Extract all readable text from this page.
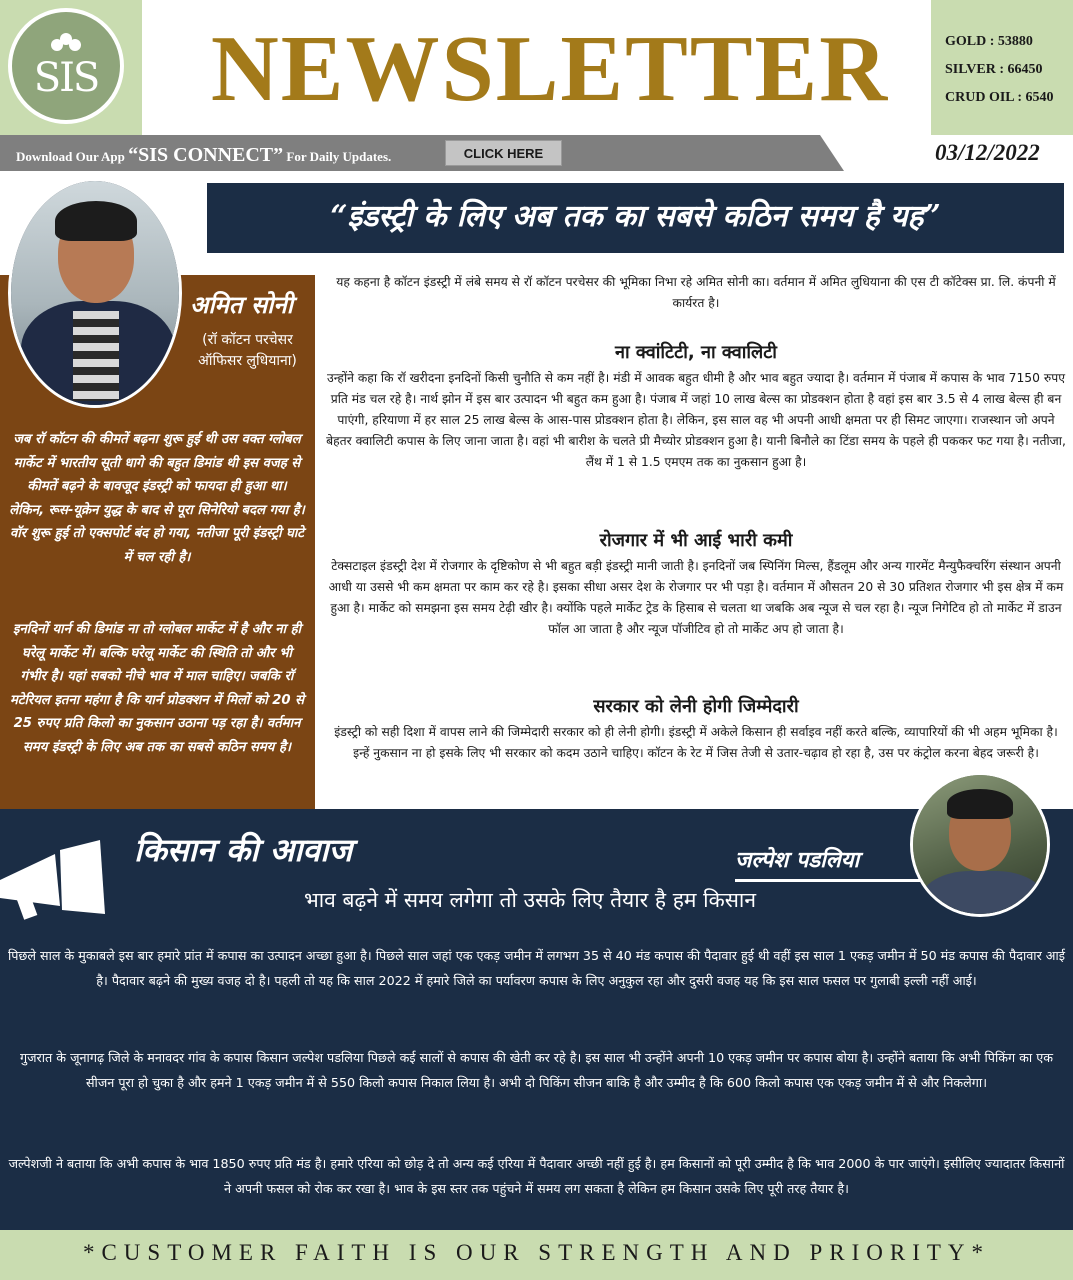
SIS NEWSLETTER	GOLD : 53880
SILVER : 66450
CRUD OIL : 6540
Download Our App “SIS CONNECT” For Daily Updates.	CLICK HERE	03/12/2022
“इंडस्ट्री के लिए अब तक का सबसे कठिन समय है यह”
अमित सोनी
(रॉ कॉटन परचेसर
ऑफिसर लुधियाना)
जब रॉ कॉटन की कीमतें बढ़ना शुरू हुई थी उस वक्त ग्लोबल मार्केट में भारतीय सूती धागे की बहुत डिमांड थी इस वजह से कीमतें बढ़ने के बावजूद इंडस्ट्री को फायदा ही हुआ था। लेकिन, रूस-यूक्रेन युद्ध के बाद से पूरा सिनेरियो बदल गया है। वॉर शुरू हुई तो एक्सपोर्ट बंद हो गया, नतीजा पूरी इंडस्ट्री घाटे में चल रही है।
इनदिनों यार्न की डिमांड ना तो ग्लोबल मार्केट में है और ना ही घरेलू मार्केट में। बल्कि घरेलू मार्केट की स्थिति तो और भी गंभीर है। यहां सबको नीचे भाव में माल चाहिए। जबकि रॉ मटेरियल इतना महंगा है कि यार्न प्रोडक्शन में मिलों को 20 से 25 रुपए प्रति किलो का नुकसान उठाना पड़ रहा है। वर्तमान समय इंडस्ट्री के लिए अब तक का सबसे कठिन समय है।
यह कहना है कॉटन इंडस्ट्री में लंबे समय से रॉ कॉटन परचेसर की भूमिका निभा रहे अमित सोनी का। वर्तमान में अमित लुधियाना की एस टी कॉटेक्स प्रा. लि. कंपनी में कार्यरत है।
ना क्वांटिटी, ना क्वालिटी
उन्होंने कहा कि रॉ खरीदना इनदिनों किसी चुनौति से कम नहीं है। मंडी में आवक बहुत धीमी है और भाव बहुत ज्यादा है। वर्तमान में पंजाब में कपास के भाव 7150 रुपए प्रति मंड चल रहे है। नार्थ झोन में इस बार उत्पादन भी बहुत कम हुआ है। पंजाब में जहां 10 लाख बेल्स का प्रोडक्शन होता है वहां इस बार 3.5 से 4 लाख बेल्स ही बन पाएंगी, हरियाणा में हर साल 25 लाख बेल्स के आस-पास प्रोडक्शन होता है। लेकिन, इस साल वह भी अपनी आधी क्षमता पर ही सिमट जाएगा। राजस्थान जो अपने बेहतर क्वालिटी कपास के लिए जाना जाता है। वहां भी बारीश के चलते प्री मैच्योर प्रोडक्शन हुआ है। यानी बिनौले का टिंडा समय के पहले ही पककर फट गया है। नतीजा, लैंथ में 1 से 1.5 एमएम तक का नुकसान हुआ है।
रोजगार में भी आई भारी कमी
टेक्सटाइल इंडस्ट्री देश में रोजगार के दृष्टिकोण से भी बहुत बड़ी इंडस्ट्री मानी जाती है। इनदिनों जब स्पिनिंग मिल्स, हैंडलूम और अन्य गारमेंट मैन्युफैक्चरिंग संस्थान अपनी आधी या उससे भी कम क्षमता पर काम कर रहे है। इसका सीधा असर देश के रोजगार पर भी पड़ा है। वर्तमान में औसतन 20 से 30 प्रतिशत रोजगार भी इस क्षेत्र में कम हुआ है। मार्केट को समझना इस समय टेढ़ी खीर है। क्योंकि पहले मार्केट ट्रेड के हिसाब से चलता था जबकि अब न्यूज से चल रहा है। न्यूज निगेटिव हो तो मार्केट में डाउन फॉल आ जाता है और न्यूज पॉजीटिव हो तो मार्केट अप हो जाता है।
सरकार को लेनी होगी जिम्मेदारी
इंडस्ट्री को सही दिशा में वापस लाने की जिम्मेदारी सरकार को ही लेनी होगी। इंडस्ट्री में अकेले किसान ही सर्वाइव नहीं करते बल्कि, व्यापारियों की भी अहम भूमिका है। इन्हें नुकसान ना हो इसके लिए भी सरकार को कदम उठाने चाहिए। कॉटन के रेट में जिस तेजी से उतार-चढ़ाव हो रहा है, उस पर कंट्रोल करना बेहद जरूरी है।
किसान की आवाज	जल्पेश पडलिया
भाव बढ़ने में समय लगेगा तो उसके लिए तैयार है हम किसान
पिछले साल के मुकाबले इस बार हमारे प्रांत में कपास का उत्पादन अच्छा हुआ है। पिछले साल जहां एक एकड़ जमीन में लगभग 35 से 40 मंड कपास की पैदावार हुई थी वहीं इस साल 1 एकड़ जमीन में 50 मंड कपास की पैदावार आई है। पैदावार बढ़ने की मुख्य वजह दो है। पहली तो यह कि साल 2022 में हमारे जिले का पर्यावरण कपास के लिए अनुकुल रहा और दुसरी वजह यह कि इस साल फसल पर गुलाबी इल्ली नहीं आई।
गुजरात के जूनागढ़ जिले के मनावदर गांव के कपास किसान जल्पेश पडलिया पिछले कई सालों से कपास की खेती कर रहे है। इस साल भी उन्होंने अपनी 10 एकड़ जमीन पर कपास बोया है। उन्होंने बताया कि अभी पिकिंग का एक सीजन पूरा हो चुका है और हमने 1 एकड़ जमीन में से 550 किलो कपास निकाल लिया है। अभी दो पिकिंग सीजन बाकि है और उम्मीद है कि 600 किलो कपास एक एकड़ जमीन में से और निकलेगा।
जल्पेशजी ने बताया कि अभी कपास के भाव 1850 रुपए प्रति मंड है। हमारे एरिया को छोड़ दे तो अन्य कई एरिया में पैदावार अच्छी नहीं हुई है। हम किसानों को पूरी उम्मीद है कि भाव 2000 के पार जाएंगे। इसीलिए ज्यादातर किसानों ने अपनी फसल को रोक कर रखा है। भाव के इस स्तर तक पहुंचने में समय लग सकता है लेकिन हम किसान उसके लिए पूरी तरह तैयार है।
*CUSTOMER FAITH IS OUR STRENGTH AND PRIORITY*
